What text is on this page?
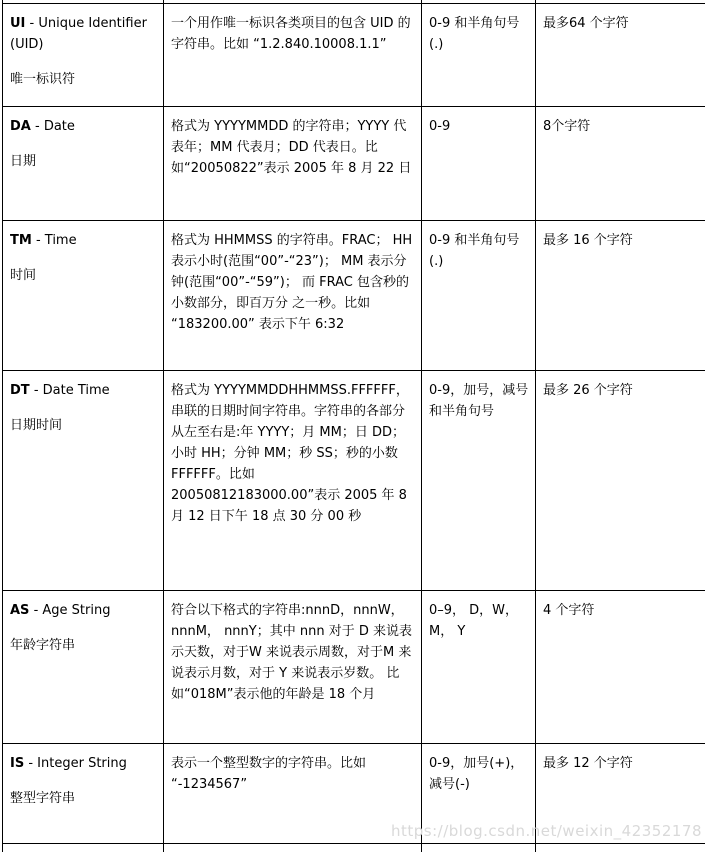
UI - Unique Identifier (UID)
唯一标识符	一个用作唯一标识各类项目的包含 UID 的字符串。比如 “1.2.840.10008.1.1”	0-9 和半角句号(.)	最多64 个字符

DA - Date
日期	格式为 YYYYMMDD 的字符串；YYYY 代表年；MM 代表月；DD 代表日。比 如“20050822”表示 2005 年 8 月 22 日	0-9	8个字符

TM - Time
时间	格式为 HHMMSS 的字符串。FRAC； HH 表示小时(范围“00”-“23”)； MM 表示分钟(范围“00”-“59”)； 而 FRAC 包含秒的小数部分，即百万分 之一秒。比如 “183200.00” 表示下午 6:32	0-9 和半角句号(.)	最多 16 个字符

DT - Date Time
日期时间	格式为 YYYYMMDDHHMMSS.FFFFFF，串联的日期时间字符串。字符串的各部分从左至右是:年 YYYY；月 MM；日 DD；小时 HH；分钟 MM；秒 SS；秒的小数 FFFFFF。比如 20050812183000.00”表示 2005 年 8 月 12 日下午 18 点 30 分 00 秒	0-9，加号，减号和半角句号	最多 26 个字符

AS - Age String
年龄字符串	符合以下格式的字符串:nnnD，nnnW， nnnM， nnnY；其中 nnn 对于 D 来说表示天数，对于W 来说表示周数，对于M 来说表示月数，对于 Y 来说表示岁数。 比如“018M”表示他的年龄是 18 个月	0–9， D，W，M， Y	4 个字符

IS - Integer String
整型字符串	表示一个整型数字的字符串。比如 “-1234567”	0-9，加号(+)，减号(-)	最多 12 个字符

https://blog.csdn.net/weixin_42352178
